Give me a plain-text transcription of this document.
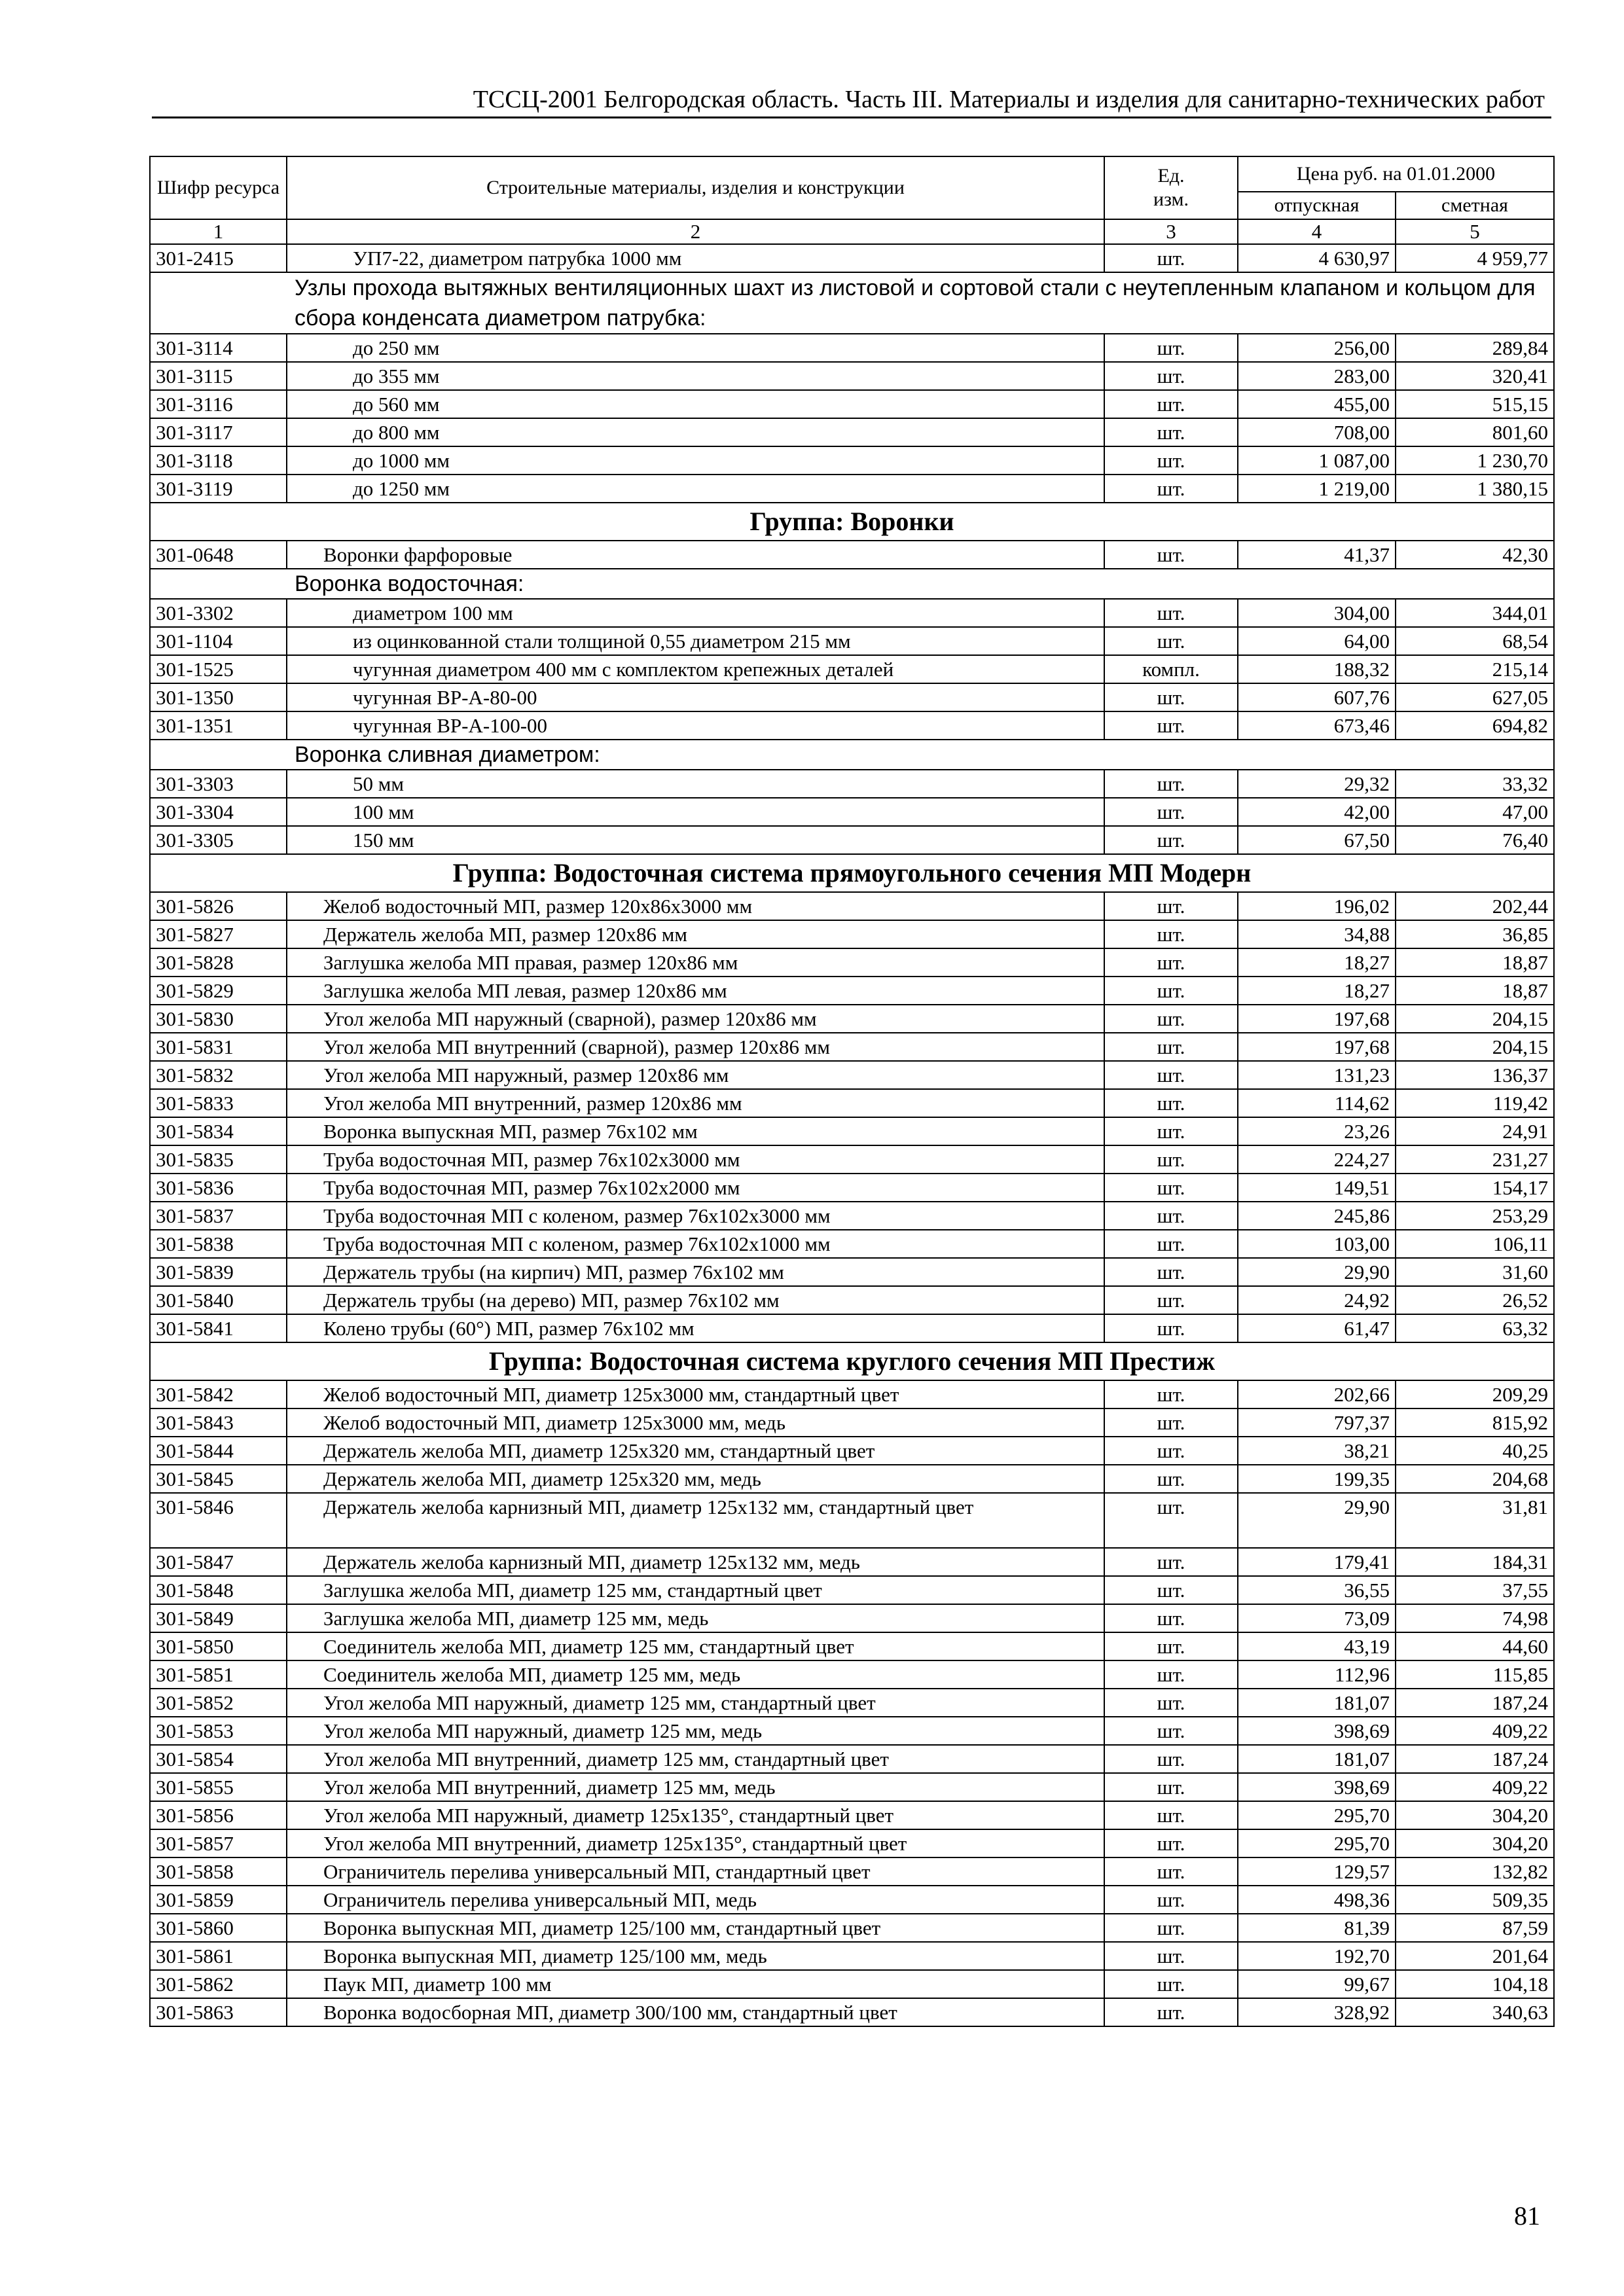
ТССЦ-2001 Белгородская область. Часть III. Материалы и изделия для санитарно-технических работ
Шифр ресурса	Строительные материалы, изделия и конструкции	Ед. изм.	Цена руб. на 01.01.2000	
			отпускная	сметная
1	2	3	4	5
301-2415	УП7-22, диаметром патрубка 1000 мм	шт.	4 630,97	4 959,77
Узлы прохода вытяжных вентиляционных шахт из листовой и сортовой стали с неутепленным клапаном и кольцом для сбора конденсата диаметром патрубка:				
301-3114	до 250 мм	шт.	256,00	289,84
301-3115	до 355 мм	шт.	283,00	320,41
301-3116	до 560 мм	шт.	455,00	515,15
301-3117	до 800 мм	шт.	708,00	801,60
301-3118	до 1000 мм	шт.	1 087,00	1 230,70
301-3119	до 1250 мм	шт.	1 219,00	1 380,15
Группа: Воронки				
301-0648	Воронки фарфоровые	шт.	41,37	42,30
Воронка водосточная:				
301-3302	диаметром 100 мм	шт.	304,00	344,01
301-1104	из оцинкованной стали толщиной 0,55 диаметром 215 мм	шт.	64,00	68,54
301-1525	чугунная диаметром 400 мм с комплектом крепежных деталей	компл.	188,32	215,14
301-1350	чугунная ВР-А-80-00	шт.	607,76	627,05
301-1351	чугунная ВР-А-100-00	шт.	673,46	694,82
Воронка сливная диаметром:				
301-3303	50 мм	шт.	29,32	33,32
301-3304	100 мм	шт.	42,00	47,00
301-3305	150 мм	шт.	67,50	76,40
Группа: Водосточная система прямоугольного сечения МП Модерн				
301-5826	Желоб водосточный МП, размер 120х86х3000 мм	шт.	196,02	202,44
301-5827	Держатель желоба МП, размер 120х86 мм	шт.	34,88	36,85
301-5828	Заглушка желоба МП правая, размер 120х86 мм	шт.	18,27	18,87
301-5829	Заглушка желоба МП левая, размер 120х86 мм	шт.	18,27	18,87
301-5830	Угол желоба МП наружный (сварной), размер 120х86 мм	шт.	197,68	204,15
301-5831	Угол желоба МП внутренний (сварной), размер 120х86 мм	шт.	197,68	204,15
301-5832	Угол желоба МП наружный, размер 120х86 мм	шт.	131,23	136,37
301-5833	Угол желоба МП внутренний, размер 120х86 мм	шт.	114,62	119,42
301-5834	Воронка выпускная МП, размер 76х102 мм	шт.	23,26	24,91
301-5835	Труба водосточная МП, размер 76х102х3000 мм	шт.	224,27	231,27
301-5836	Труба водосточная МП, размер 76х102х2000 мм	шт.	149,51	154,17
301-5837	Труба водосточная МП с коленом, размер 76х102х3000 мм	шт.	245,86	253,29
301-5838	Труба водосточная МП с коленом, размер 76х102х1000 мм	шт.	103,00	106,11
301-5839	Держатель трубы (на кирпич) МП, размер 76х102 мм	шт.	29,90	31,60
301-5840	Держатель трубы (на дерево) МП, размер 76х102 мм	шт.	24,92	26,52
301-5841	Колено трубы (60°) МП, размер 76х102 мм	шт.	61,47	63,32
Группа: Водосточная система круглого сечения МП Престиж				
301-5842	Желоб водосточный МП, диаметр 125х3000 мм, стандартный цвет	шт.	202,66	209,29
301-5843	Желоб водосточный МП, диаметр 125х3000 мм, медь	шт.	797,37	815,92
301-5844	Держатель желоба МП, диаметр 125х320 мм, стандартный цвет	шт.	38,21	40,25
301-5845	Держатель желоба МП, диаметр 125х320 мм, медь	шт.	199,35	204,68
301-5846	Держатель желоба карнизный МП, диаметр 125х132 мм, стандартный цвет	шт.	29,90	31,81
301-5847	Держатель желоба карнизный МП, диаметр 125х132 мм, медь	шт.	179,41	184,31
301-5848	Заглушка желоба МП, диаметр 125 мм, стандартный цвет	шт.	36,55	37,55
301-5849	Заглушка желоба МП, диаметр 125 мм, медь	шт.	73,09	74,98
301-5850	Соединитель желоба МП, диаметр 125 мм, стандартный цвет	шт.	43,19	44,60
301-5851	Соединитель желоба МП, диаметр 125 мм, медь	шт.	112,96	115,85
301-5852	Угол желоба МП наружный, диаметр 125 мм, стандартный цвет	шт.	181,07	187,24
301-5853	Угол желоба МП наружный, диаметр 125 мм, медь	шт.	398,69	409,22
301-5854	Угол желоба МП внутренний, диаметр 125 мм, стандартный цвет	шт.	181,07	187,24
301-5855	Угол желоба МП внутренний, диаметр 125 мм, медь	шт.	398,69	409,22
301-5856	Угол желоба МП наружный, диаметр 125х135°, стандартный цвет	шт.	295,70	304,20
301-5857	Угол желоба МП внутренний, диаметр 125х135°, стандартный цвет	шт.	295,70	304,20
301-5858	Ограничитель перелива универсальный МП, стандартный цвет	шт.	129,57	132,82
301-5859	Ограничитель перелива универсальный МП, медь	шт.	498,36	509,35
301-5860	Воронка выпускная МП, диаметр 125/100 мм, стандартный цвет	шт.	81,39	87,59
301-5861	Воронка выпускная МП, диаметр 125/100 мм, медь	шт.	192,70	201,64
301-5862	Паук МП, диаметр 100 мм	шт.	99,67	104,18
301-5863	Воронка водосборная МП, диаметр 300/100 мм, стандартный цвет	шт.	328,92	340,63
81
